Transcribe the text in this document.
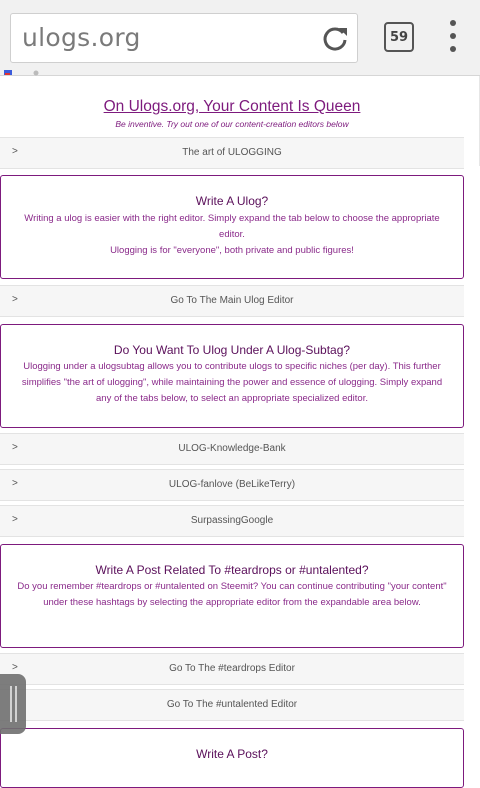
ulogs.org	59
On Ulogs.org, Your Content Is Queen
Be inventive. Try out one of our content-creation editors below
>	The art of ULOGGING
Write A Ulog?
Writing a ulog is easier with the right editor. Simply expand the tab below to choose the appropriate editor.
Ulogging is for "everyone", both private and public figures!
>	Go To The Main Ulog Editor
Do You Want To Ulog Under A Ulog-Subtag?
Ulogging under a ulogsubtag allows you to contribute ulogs to specific niches (per day). This further simplifies "the art of ulogging", while maintaining the power and essence of ulogging. Simply expand any of the tabs below, to select an appropriate specialized editor.
>	ULOG-Knowledge-Bank
>	ULOG-fanlove (BeLikeTerry)
>	SurpassingGoogle
Write A Post Related To #teardrops or #untalented?
Do you remember #teardrops or #untalented on Steemit? You can continue contributing "your content" under these hashtags by selecting the appropriate editor from the expandable area below.
>	Go To The #teardrops Editor
Go To The #untalented Editor
Write A Post?
